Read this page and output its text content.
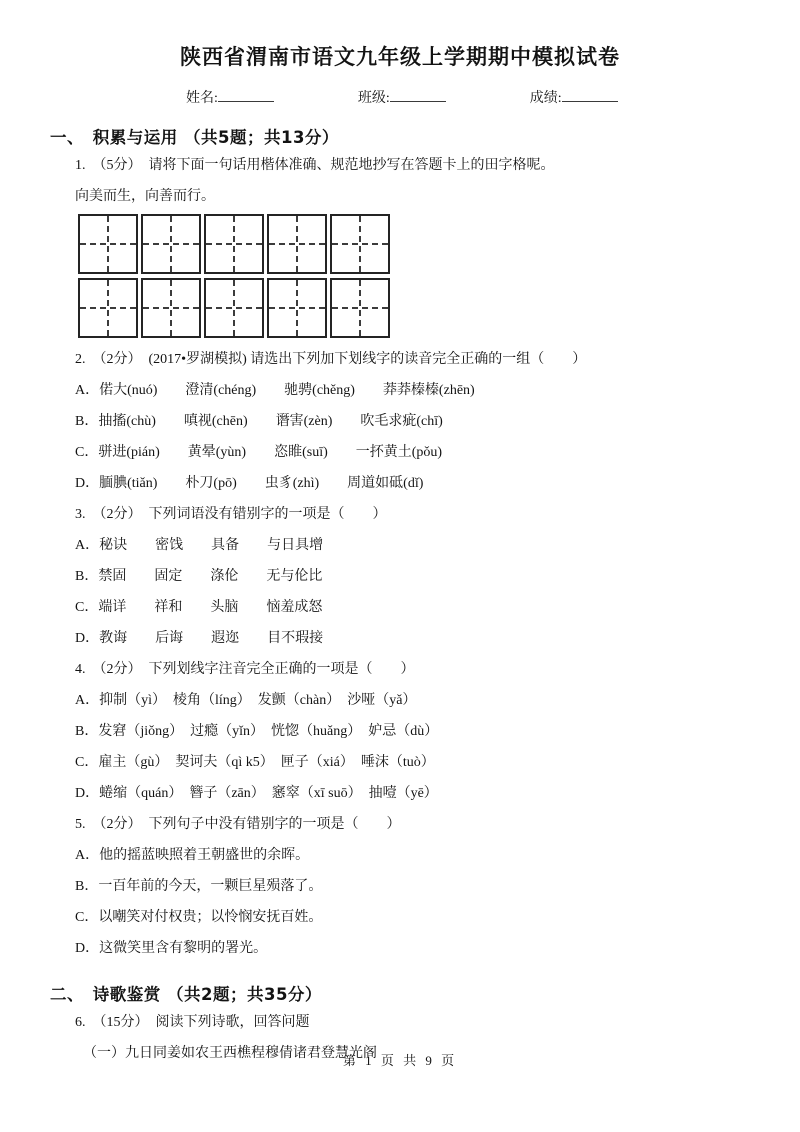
陕西省渭南市语文九年级上学期期中模拟试卷
姓名:	班级:	成绩:
一、　积累与运用 （共5题；共13分）

1.　（5分）　请将下面一句话用楷体准确、规范地抄写在答题卡上的田字格呢。

向美而生，向善而行。

2.　（2分）　(2017•罗湖模拟) 请选出下列加下划线字的读音完全正确的一组（　　）

A．偌大(nuó)　　澄清(chéng)　　驰骋(chěng)　　莽莽榛榛(zhēn)

B．抽搐(chù)　　嗔视(chēn)　　谮害(zèn)　　吹毛求疵(chī)

C．骈进(pián)　　黄晕(yùn)　　恣睢(suī)　　一抔黄土(pǒu)

D．腼腆(tiǎn)　　朴刀(pō)　　虫豸(zhì)　　周道如砥(dǐ)

3.　（2分）　下列词语没有错别字的一项是（　　）

A．秘诀　　密饯　　具备　　与日具增

B．禁固　　固定　　涤伦　　无与伦比

C．端详　　祥和　　头脑　　恼羞成怒

D．教诲　　后诲　　遐迩　　目不瑕接

4.　（2分）　下列划线字注音完全正确的一项是（　　）

A．抑制（yì）　棱角（líng）　发颤（chàn）　沙哑（yǎ）

B．发窘（jiǒng）　过瘾（yǐn）　恍惚（huǎng）　妒忌（dù）

C．雇主（gù）　契诃夫（qì k5）　匣子（xiá）　唾沫（tuò）

D．蜷缩（quán）　簪子（zān）　窸窣（xī suō）　抽噎（yē）

5.　（2分）　下列句子中没有错别字的一项是（　　）

A．他的摇蓝映照着王朝盛世的余晖。

B．一百年前的今天，一颗巨星殒落了。

C．以嘲笑对付权贵；以怜悯安抚百姓。

D．这微笑里含有黎明的署光。

二、　诗歌鉴赏 （共2题；共35分）

6.　（15分）　阅读下列诗歌，回答问题

（一）九日同姜如农王西樵程穆倩诸君登慧光阁

第 1 页 共 9 页
